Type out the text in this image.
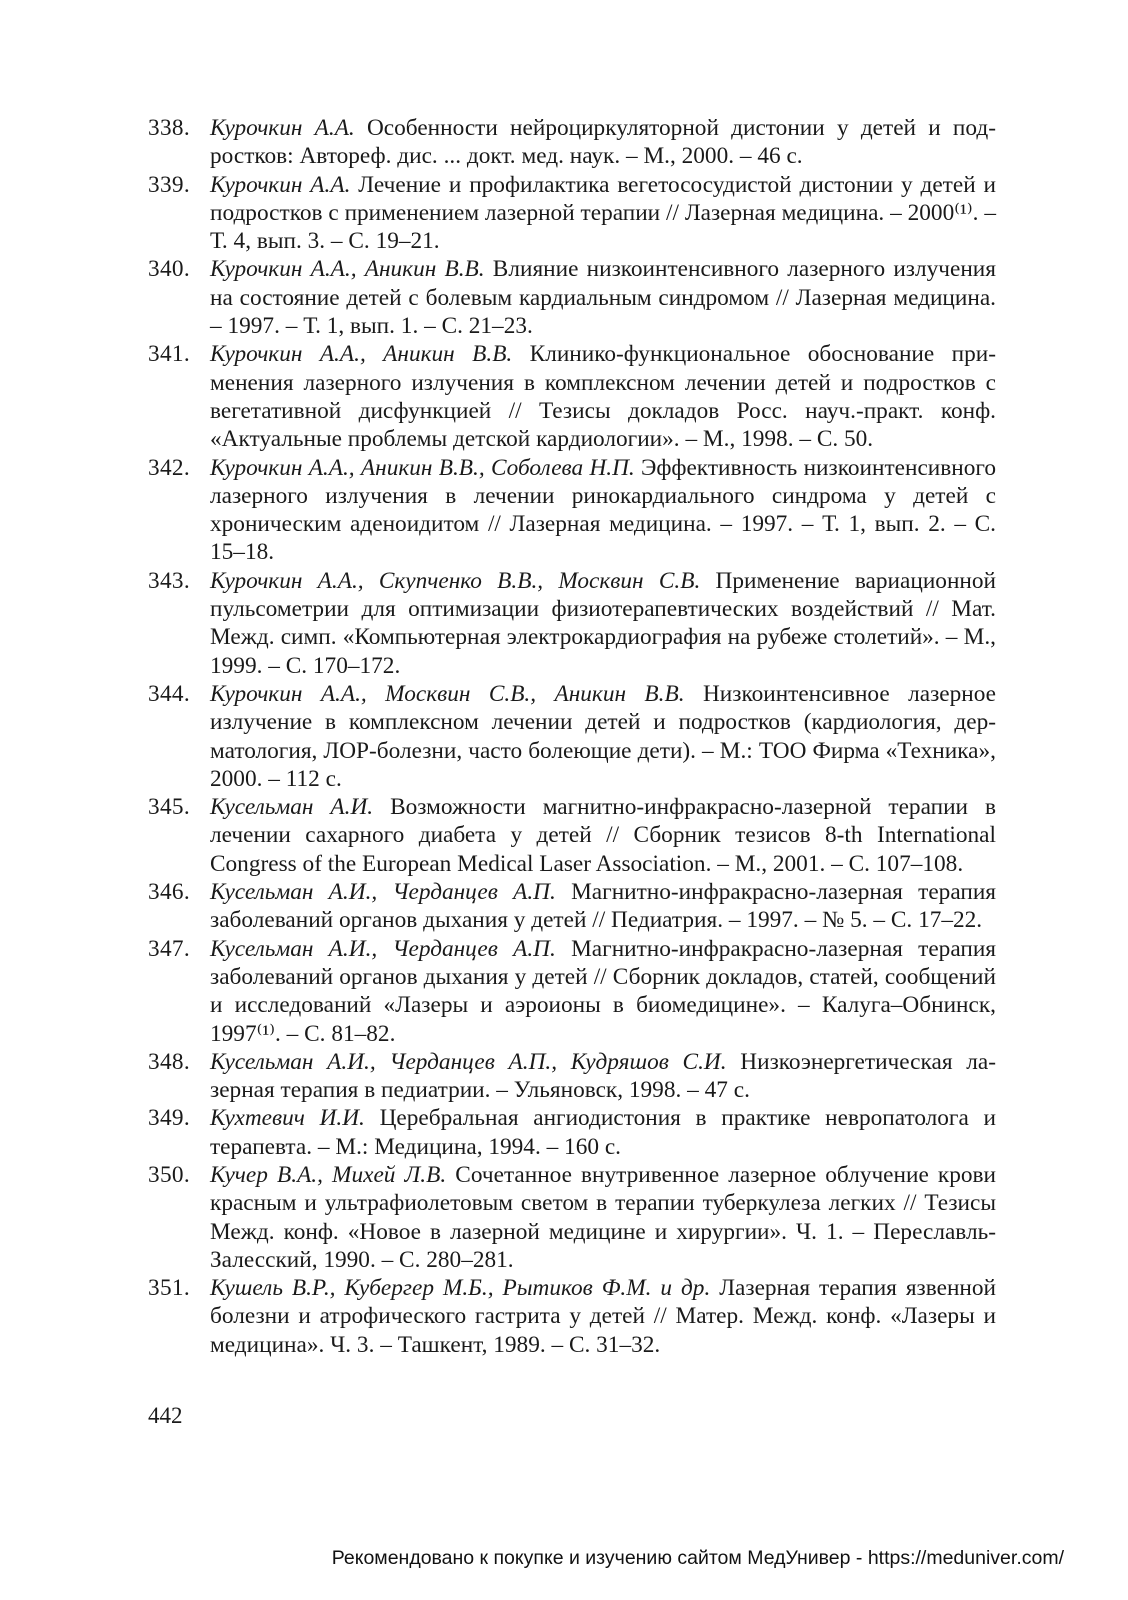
338. Курочкин А.А. Особенности нейроциркуляторной дистонии у детей и подростков: Автореф. дис. ... докт. мед. наук. – М., 2000. – 46 с.
339. Курочкин А.А. Лечение и профилактика вегетососудистой дистонии у детей и подростков с применением лазерной терапии // Лазерная медицина. – 2000⁽¹⁾. – Т. 4, вып. 3. – С. 19–21.
340. Курочкин А.А., Аникин В.В. Влияние низкоинтенсивного лазерного излучения на состояние детей с болевым кардиальным синдромом // Лазерная медицина. – 1997. – Т. 1, вып. 1. – С. 21–23.
341. Курочкин А.А., Аникин В.В. Клинико-функциональное обоснование применения лазерного излучения в комплексном лечении детей и подростков с вегетативной дисфункцией // Тезисы докладов Росс. науч.-практ. конф. «Актуальные проблемы детской кардиологии». – М., 1998. – С. 50.
342. Курочкин А.А., Аникин В.В., Соболева Н.П. Эффективность низкоинтенсивного лазерного излучения в лечении ринокардиального синдрома у детей с хроническим аденоидитом // Лазерная медицина. – 1997. – Т. 1, вып. 2. – С. 15–18.
343. Курочкин А.А., Скупченко В.В., Москвин С.В. Применение вариационной пульсометрии для оптимизации физиотерапевтических воздействий // Мат. Межд. симп. «Компьютерная электрокардиография на рубеже столетий». – М., 1999. – С. 170–172.
344. Курочкин А.А., Москвин С.В., Аникин В.В. Низкоинтенсивное лазерное излучение в комплексном лечении детей и подростков (кардиология, дерматология, ЛОР-болезни, часто болеющие дети). – М.: ТОО Фирма «Техника», 2000. – 112 с.
345. Кусельман А.И. Возможности магнитно-инфракрасно-лазерной терапии в лечении сахарного диабета у детей // Сборник тезисов 8-th International Congress of the European Medical Laser Association. – M., 2001. – С. 107–108.
346. Кусельман А.И., Черданцев А.П. Магнитно-инфракрасно-лазерная терапия заболеваний органов дыхания у детей // Педиатрия. – 1997. – № 5. – С. 17–22.
347. Кусельман А.И., Черданцев А.П. Магнитно-инфракрасно-лазерная терапия заболеваний органов дыхания у детей // Сборник докладов, статей, сообщений и исследований «Лазеры и аэроионы в биомедицине». – Калуга–Обнинск, 1997⁽¹⁾. – С. 81–82.
348. Кусельман А.И., Черданцев А.П., Кудряшов С.И. Низкоэнергетическая лазерная терапия в педиатрии. – Ульяновск, 1998. – 47 с.
349. Кухтевич И.И. Церебральная ангиодистония в практике невропатолога и терапевта. – М.: Медицина, 1994. – 160 с.
350. Кучер В.А., Михей Л.В. Сочетанное внутривенное лазерное облучение крови красным и ультрафиолетовым светом в терапии туберкулеза легких // Тезисы Межд. конф. «Новое в лазерной медицине и хирургии». Ч. 1. – Переславль-Залесский, 1990. – С. 280–281.
351. Кушель В.Р., Кубергер М.Б., Рытиков Ф.М. и др. Лазерная терапия язвенной болезни и атрофического гастрита у детей // Матер. Межд. конф. «Лазеры и медицина». Ч. 3. – Ташкент, 1989. – С. 31–32.
442
Рекомендовано к покупке и изучению сайтом МедУнивер - https://meduniver.com/
